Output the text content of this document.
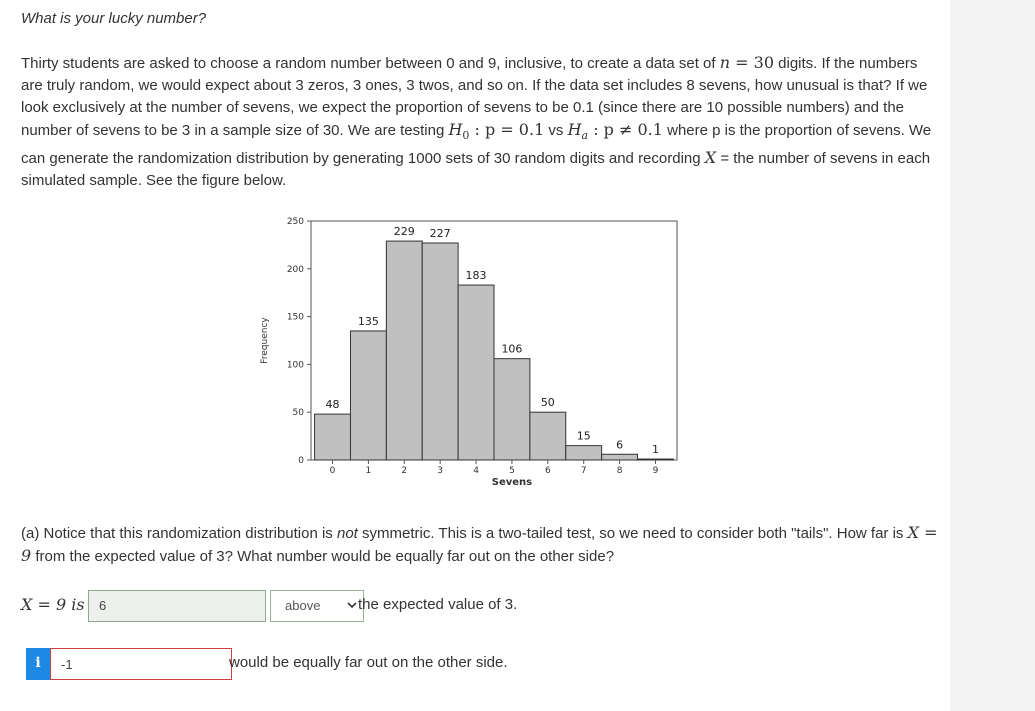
What is your lucky number?
Thirty students are asked to choose a random number between 0 and 9, inclusive, to create a data set of n = 30 digits. If the numbers are truly random, we would expect about 3 zeros, 3 ones, 3 twos, and so on. If the data set includes 8 sevens, how unusual is that? If we look exclusively at the number of sevens, we expect the proportion of sevens to be 0.1 (since there are 10 possible numbers) and the number of sevens to be 3 in a sample size of 30. We are testing $H_0$ : p = 0.1 vs $H_a$ : p ≠ 0.1 where p is the proportion of sevens. We can generate the randomization distribution by generating 1000 sets of 30 random digits and recording X = the number of sevens in each simulated sample. See the figure below.
0
50
100
150
200
250
Frequency
48
0
135
1
229
2
227
3
183
4
106
5
50
6
15
7
6
8
1
9
Sevens
(a) Notice that this randomization distribution is not symmetric. This is a two-tailed test, so we need to consider both "tails". How far is X = 9 from the expected value of 3? What number would be equally far out on the other side?
X = 9 is	6	above	the expected value of 3.
i	-1	would be equally far out on the other side.
